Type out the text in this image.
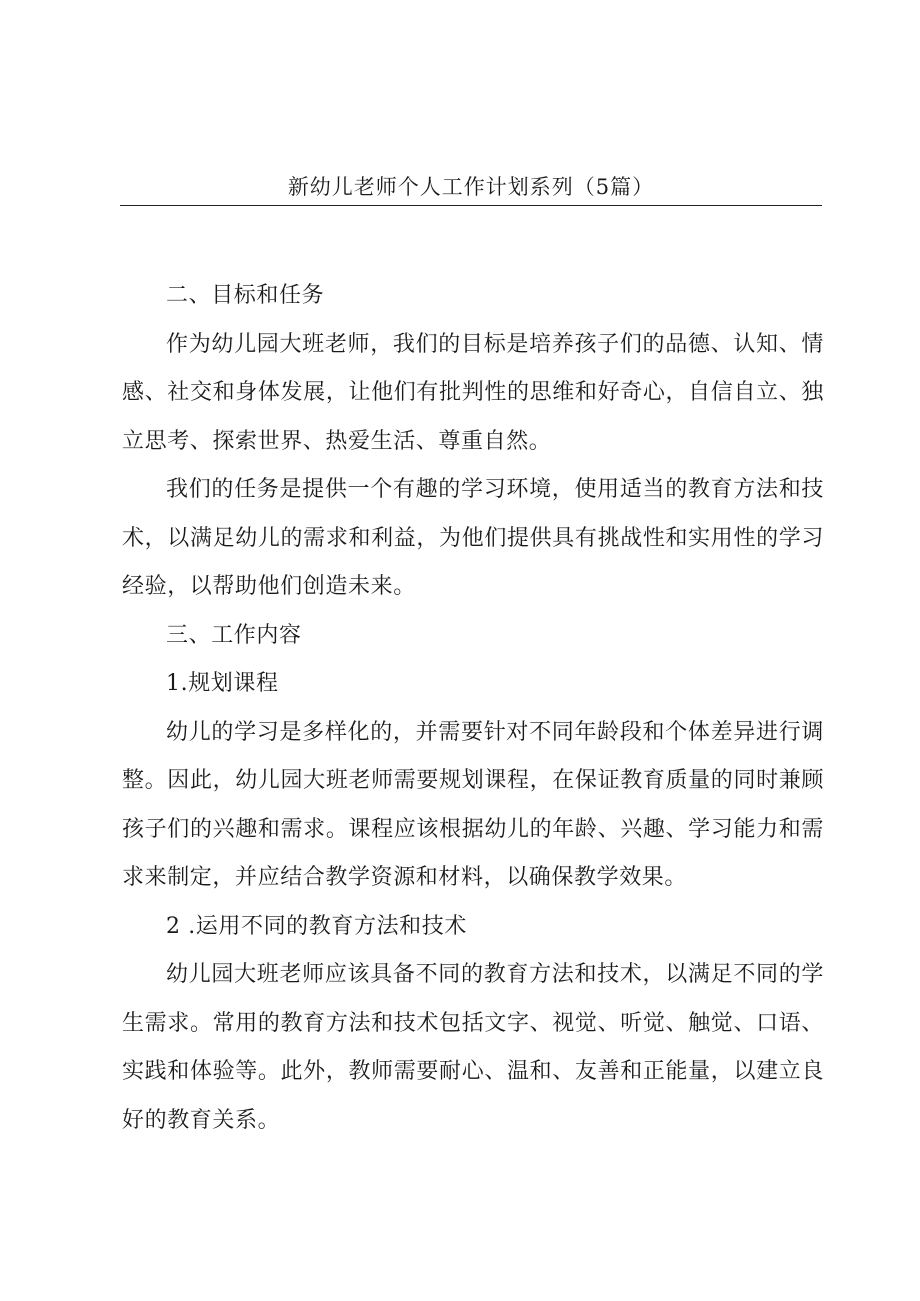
新幼儿老师个人工作计划系列（5篇）

二、目标和任务

作为幼儿园大班老师，我们的目标是培养孩子们的品德、认知、情感、社交和身体发展，让他们有批判性的思维和好奇心，自信自立、独立思考、探索世界、热爱生活、尊重自然。

我们的任务是提供一个有趣的学习环境，使用适当的教育方法和技术，以满足幼儿的需求和利益，为他们提供具有挑战性和实用性的学习经验，以帮助他们创造未来。

三、工作内容

1.规划课程

幼儿的学习是多样化的，并需要针对不同年龄段和个体差异进行调整。因此，幼儿园大班老师需要规划课程，在保证教育质量的同时兼顾孩子们的兴趣和需求。课程应该根据幼儿的年龄、兴趣、学习能力和需求来制定，并应结合教学资源和材料，以确保教学效果。

2 .运用不同的教育方法和技术

幼儿园大班老师应该具备不同的教育方法和技术，以满足不同的学生需求。常用的教育方法和技术包括文字、视觉、听觉、触觉、口语、实践和体验等。此外，教师需要耐心、温和、友善和正能量，以建立良好的教育关系。
